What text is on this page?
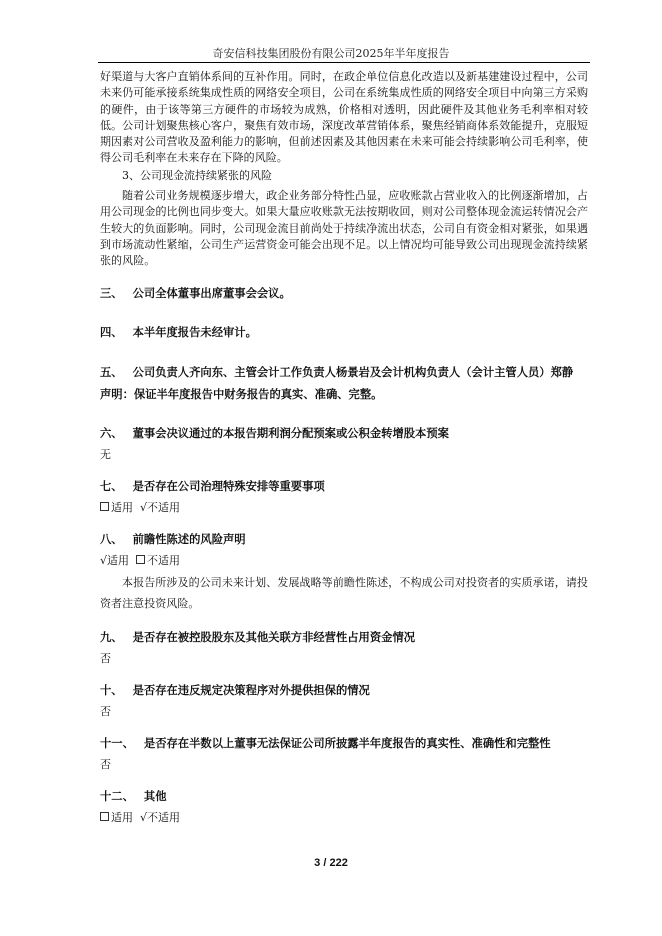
奇安信科技集团股份有限公司2025年半年度报告

好渠道与大客户直销体系间的互补作用。同时，在政企单位信息化改造以及新基建建设过程中，公司未来仍可能承接系统集成性质的网络安全项目，公司在系统集成性质的网络安全项目中向第三方采购的硬件，由于该等第三方硬件的市场较为成熟，价格相对透明，因此硬件及其他业务毛利率相对较低。公司计划聚焦核心客户，聚焦有效市场，深度改革营销体系，聚焦经销商体系效能提升，克服短期因素对公司营收及盈利能力的影响，但前述因素及其他因素在未来可能会持续影响公司毛利率，使得公司毛利率在未来存在下降的风险。

3、公司现金流持续紧张的风险

随着公司业务规模逐步增大，政企业务部分特性凸显，应收账款占营业收入的比例逐渐增加，占用公司现金的比例也同步变大。如果大量应收账款无法按期收回，则对公司整体现金流运转情况会产生较大的负面影响。同时，公司现金流目前尚处于持续净流出状态，公司自有资金相对紧张，如果遇到市场流动性紧缩，公司生产运营资金可能会出现不足。以上情况均可能导致公司出现现金流持续紧张的风险。

三、 公司全体董事出席董事会会议。

四、 本半年度报告未经审计。

五、 公司负责人齐向东、主管会计工作负责人杨景岩及会计机构负责人（会计主管人员）郑静
声明：保证半年度报告中财务报告的真实、准确、完整。

六、 董事会决议通过的本报告期利润分配预案或公积金转增股本预案

无

七、 是否存在公司治理特殊安排等重要事项

适用 √不适用

八、 前瞻性陈述的风险声明

√适用 不适用

本报告所涉及的公司未来计划、发展战略等前瞻性陈述，不构成公司对投资者的实质承诺，请投资者注意投资风险。

九、 是否存在被控股股东及其他关联方非经营性占用资金情况

否

十、 是否存在违反规定决策程序对外提供担保的情况

否

十一、 是否存在半数以上董事无法保证公司所披露半年度报告的真实性、准确性和完整性

否

十二、 其他

适用 √不适用

3 / 222
